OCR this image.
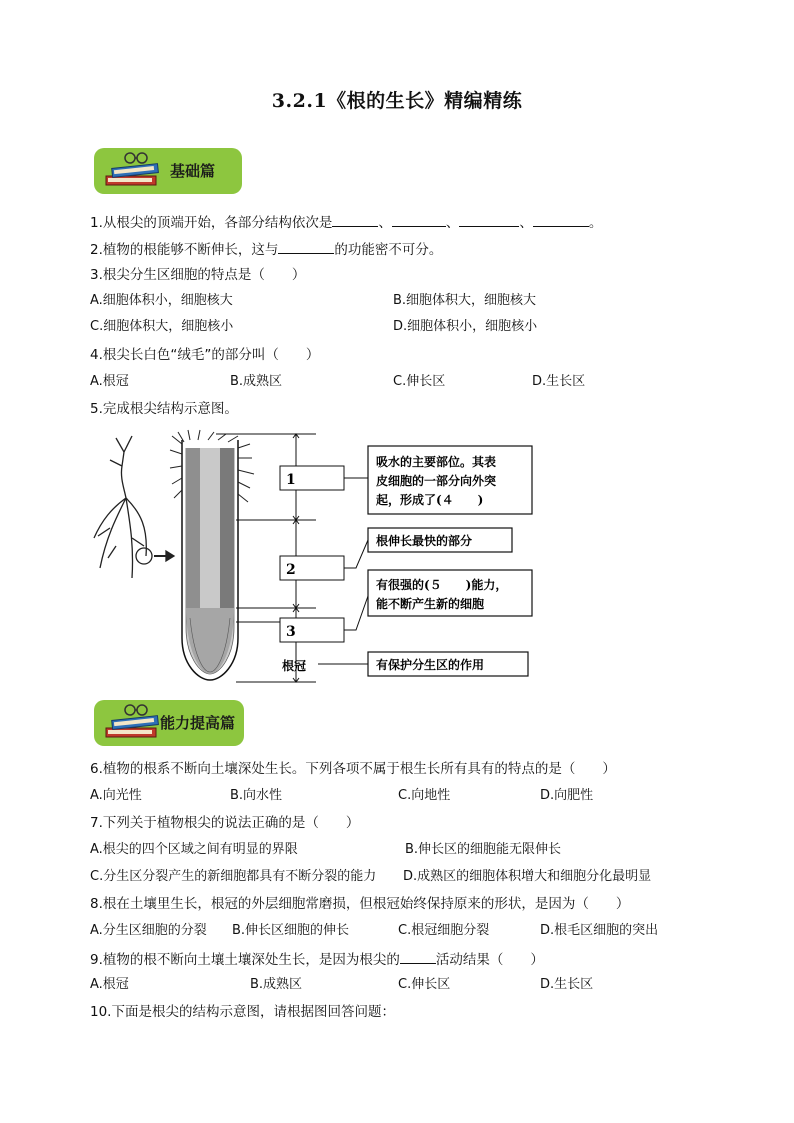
3.2.1《根的生长》精编精练
基础篇
1.从根尖的顶端开始，各部分结构依次是	、	、	、	。
2.植物的根能够不断伸长，这与	的功能密不可分。
3.根尖分生区细胞的特点是（　　）
A.细胞体积小，细胞核大	B.细胞体积大，细胞核大
C.细胞体积大，细胞核小	D.细胞体积小，细胞核小
4.根尖长白色“绒毛”的部分叫（　　）
A.根冠	B.成熟区	C.伸长区	D.生长区
5.完成根尖结构示意图。
1
2
3
根冠
吸水的主要部位。其表
皮细胞的一部分向外突
起，形成了(４　　)
根伸长最快的部分
有很强的(５　　)能力，
能不断产生新的细胞
有保护分生区的作用
能力提高篇
6.植物的根系不断向土壤深处生长。下列各项不属于根生长所有具有的特点的是（　　）
A.向光性	B.向水性	C.向地性	D.向肥性
7.下列关于植物根尖的说法正确的是（　　）
A.根尖的四个区域之间有明显的界限	B.伸长区的细胞能无限伸长
C.分生区分裂产生的新细胞都具有不断分裂的能力 D.成熟区的细胞体积增大和细胞分化最明显
8.根在土壤里生长，根冠的外层细胞常磨损，但根冠始终保持原来的形状，是因为（　　）
A.分生区细胞的分裂 B.伸长区细胞的伸长	C.根冠细胞分裂	D.根毛区细胞的突出
9.植物的根不断向土壤土壤深处生长，是因为根尖的	活动结果（　　）
A.根冠	B.成熟区	C.伸长区	D.生长区
10.下面是根尖的结构示意图，请根据图回答问题：
